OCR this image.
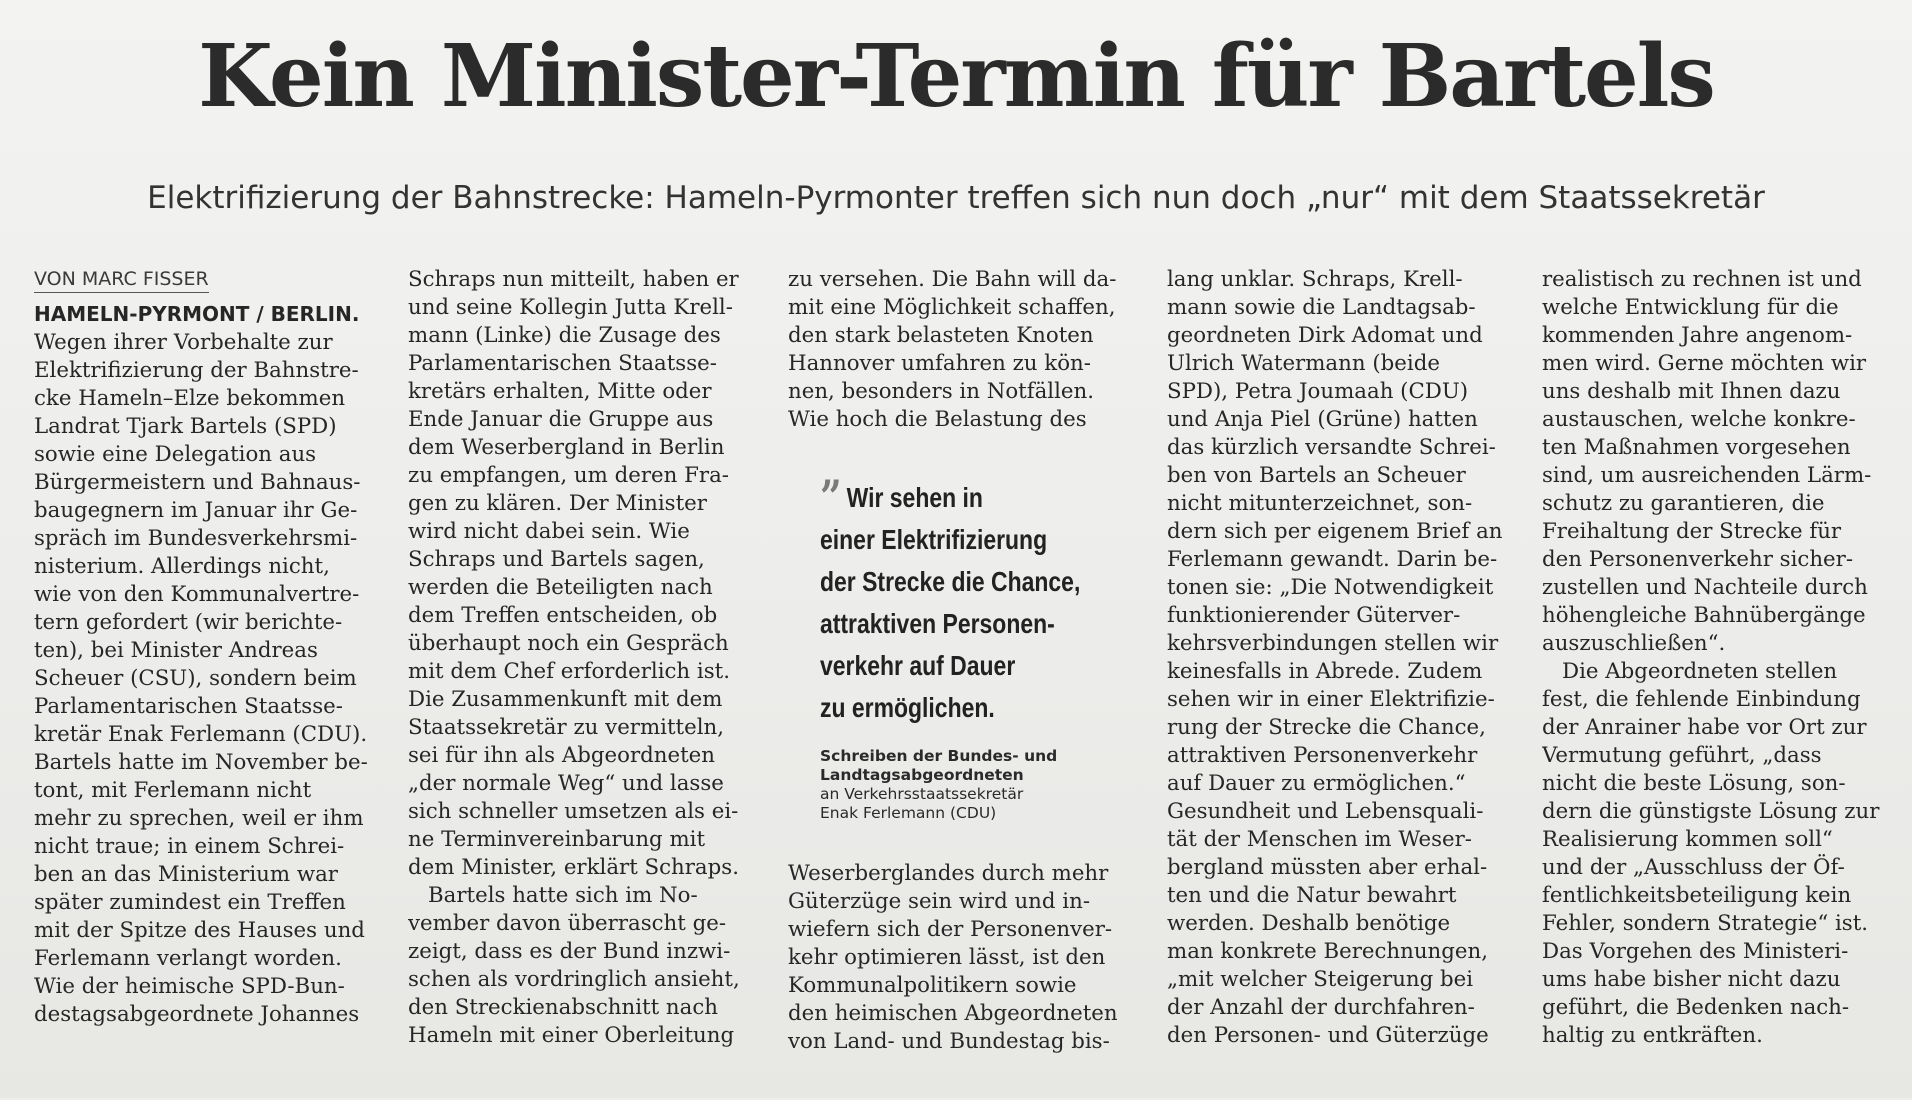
Kein Minister-Termin für Bartels
Elektrifizierung der Bahnstrecke: Hameln-Pyrmonter treffen sich nun doch „nur“ mit dem Staatssekretär

HAMELN-PYRMONT / BERLIN.

Wegen ihrer Vorbehalte zur

Elektrifizierung der Bahnstre-

cke Hameln–Elze bekommen

Landrat Tjark Bartels (SPD)

sowie eine Delegation aus

Bürgermeistern und Bahnaus-

baugegnern im Januar ihr Ge-

spräch im Bundesverkehrsmi-

nisterium. Allerdings nicht,

wie von den Kommunalvertre-

tern gefordert (wir berichte-

ten), bei Minister Andreas

Scheuer (CSU), sondern beim

Parlamentarischen Staatsse-

kretär Enak Ferlemann (CDU).

Bartels hatte im November be-

tont, mit Ferlemann nicht

mehr zu sprechen, weil er ihm

nicht traue; in einem Schrei-

ben an das Ministerium war

später zumindest ein Treffen

mit der Spitze des Hauses und

Ferlemann verlangt worden.

Wie der heimische SPD-Bun-

destagsabgeordnete Johannes

VON MARC FISSER	Schraps nun mitteilt, haben er

und seine Kollegin Jutta Krell-

mann (Linke) die Zusage des

Parlamentarischen Staatsse-

kretärs erhalten, Mitte oder

Ende Januar die Gruppe aus

dem Weserbergland in Berlin

zu empfangen, um deren Fra-

gen zu klären. Der Minister

wird nicht dabei sein. Wie

Schraps und Bartels sagen,

werden die Beteiligten nach

dem Treffen entscheiden, ob

überhaupt noch ein Gespräch

mit dem Chef erforderlich ist.

Die Zusammenkunft mit dem

Staatssekretär zu vermitteln,

sei für ihn als Abgeordneten

„der normale Weg“ und lasse

sich schneller umsetzen als ei-

ne Terminvereinbarung mit

dem Minister, erklärt Schraps.

Bartels hatte sich im No-

vember davon überrascht ge-

zeigt, dass es der Bund inzwi-

schen als vordringlich ansieht,

den Streckienabschnitt nach

Hameln mit einer Oberleitung

zu versehen. Die Bahn will da-

mit eine Möglichkeit schaffen,

den stark belasteten Knoten

Hannover umfahren zu kön-

nen, besonders in Notfällen.

Wie hoch die Belastung des

” Wir sehen in
einer Elektrifizierung
der Strecke die Chance,
attraktiven Personen-
verkehr auf Dauer
zu ermöglichen.
Schreiben der Bundes- und
Landtagsabgeordneten
an Verkehrsstaatssekretär
Enak Ferlemann (CDU)

Weserberglandes durch mehr

Güterzüge sein wird und in-

wiefern sich der Personenver-

kehr optimieren lässt, ist den

Kommunalpolitikern sowie

den heimischen Abgeordneten

von Land- und Bundestag bis-

lang unklar. Schraps, Krell-

mann sowie die Landtagsab-

geordneten Dirk Adomat und

Ulrich Watermann (beide

SPD), Petra Joumaah (CDU)

und Anja Piel (Grüne) hatten

das kürzlich versandte Schrei-

ben von Bartels an Scheuer

nicht mitunterzeichnet, son-

dern sich per eigenem Brief an

Ferlemann gewandt. Darin be-

tonen sie: „Die Notwendigkeit

funktionierender Güterver-

kehrsverbindungen stellen wir

keinesfalls in Abrede. Zudem

sehen wir in einer Elektrifizie-

rung der Strecke die Chance,

attraktiven Personenverkehr

auf Dauer zu ermöglichen.“

Gesundheit und Lebensquali-

tät der Menschen im Weser-

bergland müssten aber erhal-

ten und die Natur bewahrt

werden. Deshalb benötige

man konkrete Berechnungen,

„mit welcher Steigerung bei

der Anzahl der durchfahren-

den Personen- und Güterzüge

realistisch zu rechnen ist und

welche Entwicklung für die

kommenden Jahre angenom-

men wird. Gerne möchten wir

uns deshalb mit Ihnen dazu

austauschen, welche konkre-

ten Maßnahmen vorgesehen

sind, um ausreichenden Lärm-

schutz zu garantieren, die

Freihaltung der Strecke für

den Personenverkehr sicher-

zustellen und Nachteile durch

höhengleiche Bahnübergänge

auszuschließen“.

Die Abgeordneten stellen

fest, die fehlende Einbindung

der Anrainer habe vor Ort zur

Vermutung geführt, „dass

nicht die beste Lösung, son-

dern die günstigste Lösung zur

Realisierung kommen soll“

und der „Ausschluss der Öf-

fentlichkeitsbeteiligung kein

Fehler, sondern Strategie“ ist.

Das Vorgehen des Ministeri-

ums habe bisher nicht dazu

geführt, die Bedenken nach-

haltig zu entkräften.
